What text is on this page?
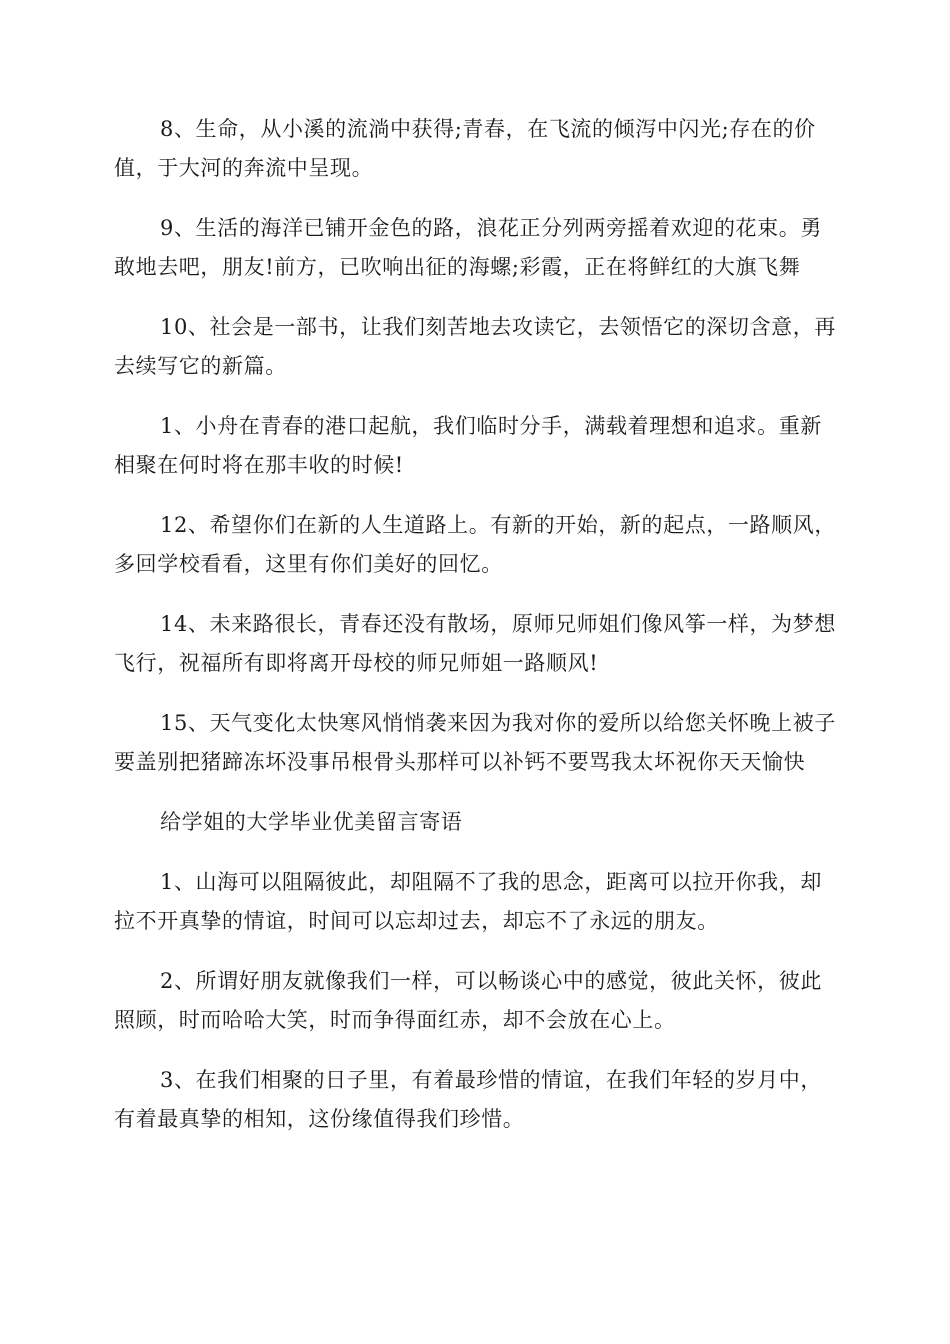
8、生命，从小溪的流淌中获得;青春，在飞流的倾泻中闪光;存在的价值，于大河的奔流中呈现。

9、生活的海洋已铺开金色的路，浪花正分列两旁摇着欢迎的花束。勇敢地去吧，朋友!前方，已吹响出征的海螺;彩霞，正在将鲜红的大旗飞舞

10、社会是一部书，让我们刻苦地去攻读它，去领悟它的深切含意，再去续写它的新篇。

1、小舟在青春的港口起航，我们临时分手，满载着理想和追求。重新相聚在何时将在那丰收的时候!

12、希望你们在新的人生道路上。有新的开始，新的起点，一路顺风，多回学校看看，这里有你们美好的回忆。

14、未来路很长，青春还没有散场，原师兄师姐们像风筝一样，为梦想飞行，祝福所有即将离开母校的师兄师姐一路顺风!

15、天气变化太快寒风悄悄袭来因为我对你的爱所以给您关怀晚上被子要盖别把猪蹄冻坏没事吊根骨头那样可以补钙不要骂我太坏祝你天天愉快

给学姐的大学毕业优美留言寄语

1、山海可以阻隔彼此，却阻隔不了我的思念，距离可以拉开你我，却拉不开真挚的情谊，时间可以忘却过去，却忘不了永远的朋友。

2、所谓好朋友就像我们一样，可以畅谈心中的感觉，彼此关怀，彼此照顾，时而哈哈大笑，时而争得面红赤，却不会放在心上。

3、在我们相聚的日子里，有着最珍惜的情谊，在我们年轻的岁月中，有着最真挚的相知，这份缘值得我们珍惜。
